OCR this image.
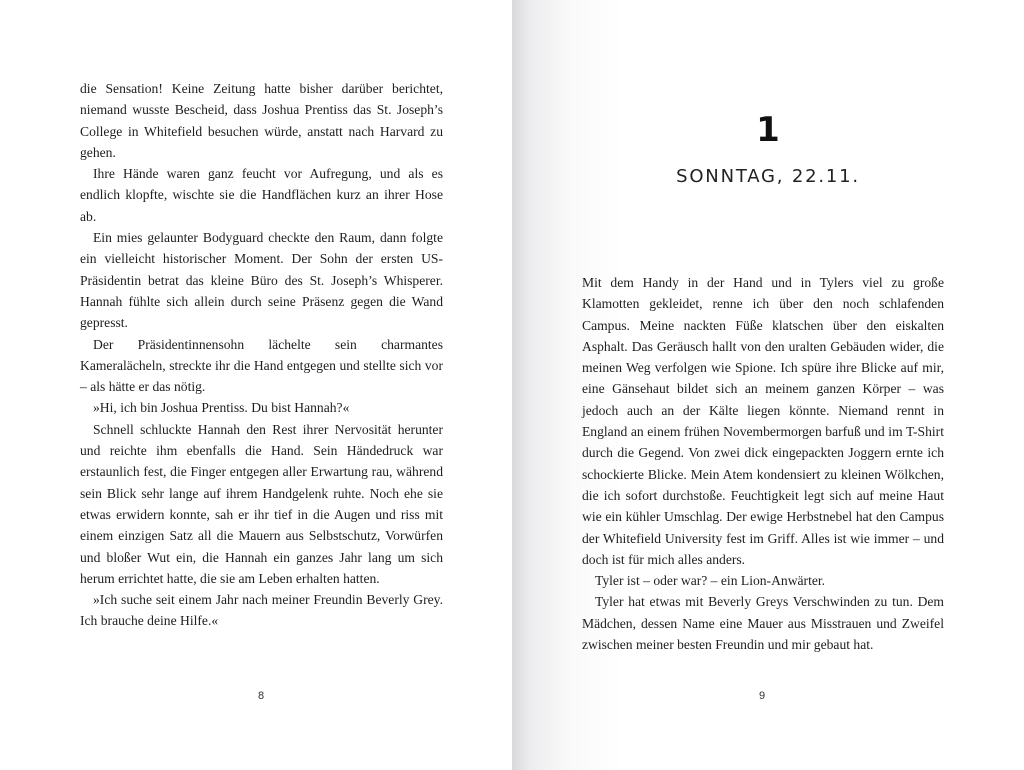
die Sensation! Keine Zeitung hatte bisher darüber berichtet, niemand wusste Bescheid, dass Joshua Prentiss das St. Joseph’s College in Whitefield besuchen würde, anstatt nach Harvard zu gehen.

Ihre Hände waren ganz feucht vor Aufregung, und als es endlich klopfte, wischte sie die Handflächen kurz an ihrer Hose ab.

Ein mies gelaunter Bodyguard checkte den Raum, dann folgte ein vielleicht historischer Moment. Der Sohn der ersten US-Präsidentin betrat das kleine Büro des St. Joseph’s Whisperer. Hannah fühlte sich allein durch seine Präsenz gegen die Wand gepresst.

Der Präsidentinnensohn lächelte sein charmantes Kameralächeln, streckte ihr die Hand entgegen und stellte sich vor – als hätte er das nötig.

»Hi, ich bin Joshua Prentiss. Du bist Hannah?«

Schnell schluckte Hannah den Rest ihrer Nervosität herunter und reichte ihm ebenfalls die Hand. Sein Händedruck war erstaunlich fest, die Finger entgegen aller Erwartung rau, während sein Blick sehr lange auf ihrem Handgelenk ruhte. Noch ehe sie etwas erwidern konnte, sah er ihr tief in die Augen und riss mit einem einzigen Satz all die Mauern aus Selbstschutz, Vorwürfen und bloßer Wut ein, die Hannah ein ganzes Jahr lang um sich herum errichtet hatte, die sie am Leben erhalten hatten.

»Ich suche seit einem Jahr nach meiner Freundin Beverly Grey. Ich brauche deine Hilfe.«

8
1
SONNTAG, 22.11.

Mit dem Handy in der Hand und in Tylers viel zu große Klamotten gekleidet, renne ich über den noch schlafenden Campus. Meine nackten Füße klatschen über den eiskalten Asphalt. Das Geräusch hallt von den uralten Gebäuden wider, die meinen Weg verfolgen wie Spione. Ich spüre ihre Blicke auf mir, eine Gänsehaut bildet sich an meinem ganzen Körper – was jedoch auch an der Kälte liegen könnte. Niemand rennt in England an einem frühen Novembermorgen barfuß und im T-Shirt durch die Gegend. Von zwei dick eingepackten Joggern ernte ich schockierte Blicke. Mein Atem kondensiert zu kleinen Wölkchen, die ich sofort durchstoße. Feuchtigkeit legt sich auf meine Haut wie ein kühler Umschlag. Der ewige Herbstnebel hat den Campus der Whitefield University fest im Griff. Alles ist wie immer – und doch ist für mich alles anders.

Tyler ist – oder war? – ein Lion-Anwärter.

Tyler hat etwas mit Beverly Greys Verschwinden zu tun. Dem Mädchen, dessen Name eine Mauer aus Misstrauen und Zweifel zwischen meiner besten Freundin und mir gebaut hat.

9
